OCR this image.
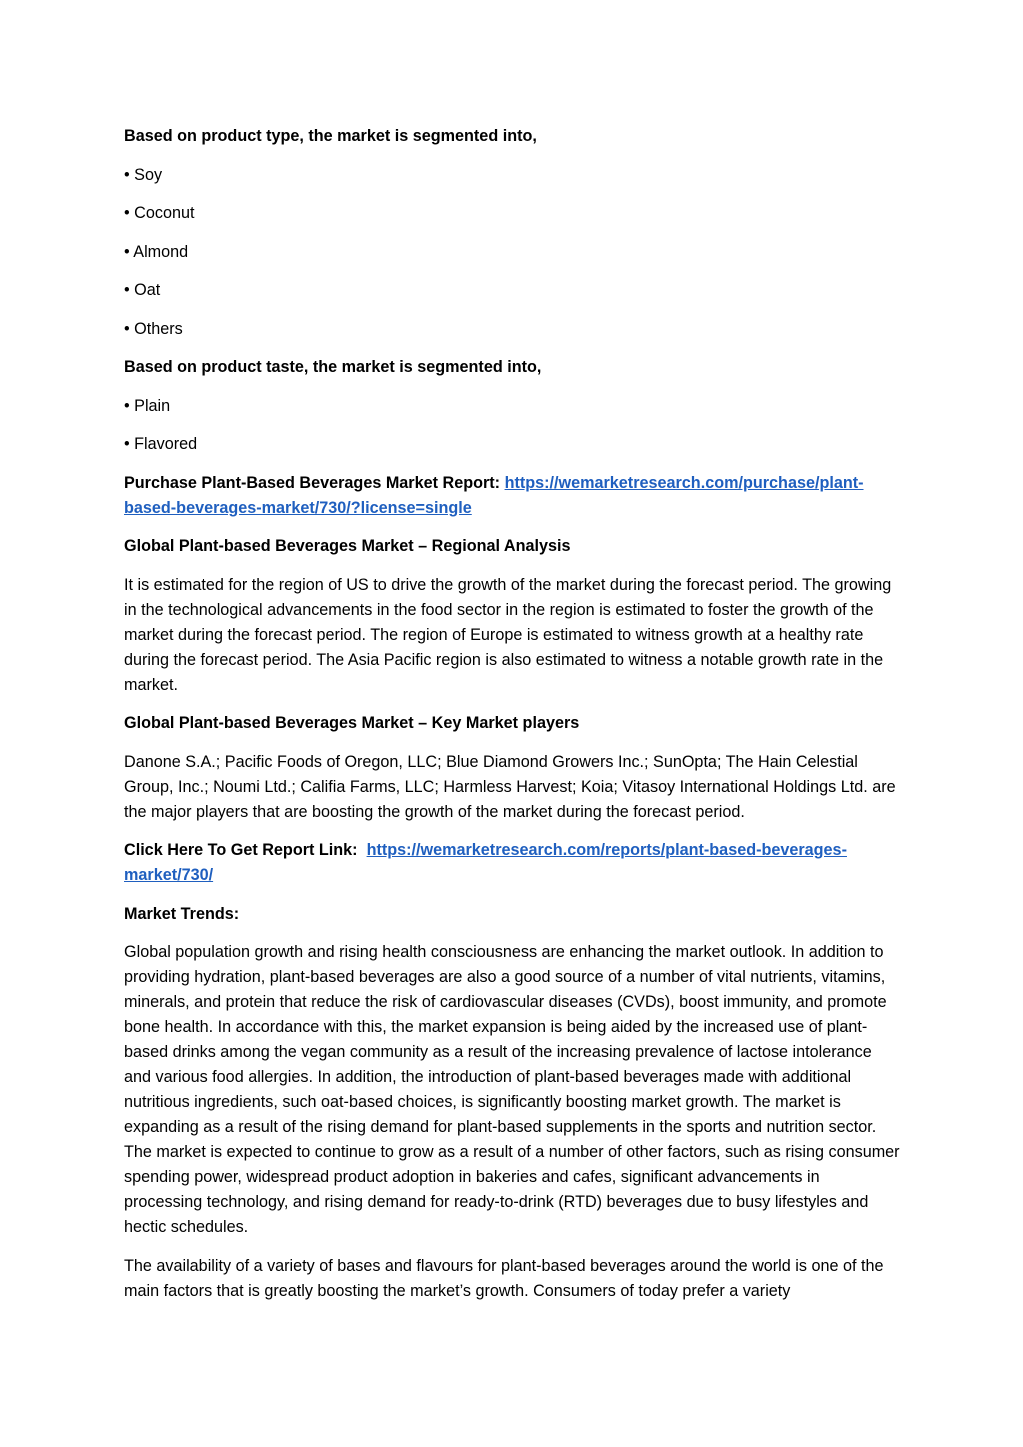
Based on product type, the market is segmented into,

• Soy
• Coconut
• Almond
• Oat
• Others

Based on product taste, the market is segmented into,

• Plain
• Flavored

Purchase Plant-Based Beverages Market Report: https://wemarketresearch.com/purchase/plant-based-beverages-market/730/?license=single

Global Plant-based Beverages Market – Regional Analysis

It is estimated for the region of US to drive the growth of the market during the forecast period. The growing in the technological advancements in the food sector in the region is estimated to foster the growth of the market during the forecast period. The region of Europe is estimated to witness growth at a healthy rate during the forecast period. The Asia Pacific region is also estimated to witness a notable growth rate in the market.

Global Plant-based Beverages Market – Key Market players

Danone S.A.; Pacific Foods of Oregon, LLC; Blue Diamond Growers Inc.; SunOpta; The Hain Celestial Group, Inc.; Noumi Ltd.; Califia Farms, LLC; Harmless Harvest; Koia; Vitasoy International Holdings Ltd. are the major players that are boosting the growth of the market during the forecast period.

Click Here To Get Report Link:  https://wemarketresearch.com/reports/plant-based-beverages-market/730/

Market Trends:

Global population growth and rising health consciousness are enhancing the market outlook. In addition to providing hydration, plant-based beverages are also a good source of a number of vital nutrients, vitamins, minerals, and protein that reduce the risk of cardiovascular diseases (CVDs), boost immunity, and promote bone health. In accordance with this, the market expansion is being aided by the increased use of plant-based drinks among the vegan community as a result of the increasing prevalence of lactose intolerance and various food allergies. In addition, the introduction of plant-based beverages made with additional nutritious ingredients, such oat-based choices, is significantly boosting market growth. The market is expanding as a result of the rising demand for plant-based supplements in the sports and nutrition sector. The market is expected to continue to grow as a result of a number of other factors, such as rising consumer spending power, widespread product adoption in bakeries and cafes, significant advancements in processing technology, and rising demand for ready-to-drink (RTD) beverages due to busy lifestyles and hectic schedules.

The availability of a variety of bases and flavours for plant-based beverages around the world is one of the main factors that is greatly boosting the market’s growth. Consumers of today prefer a variety
